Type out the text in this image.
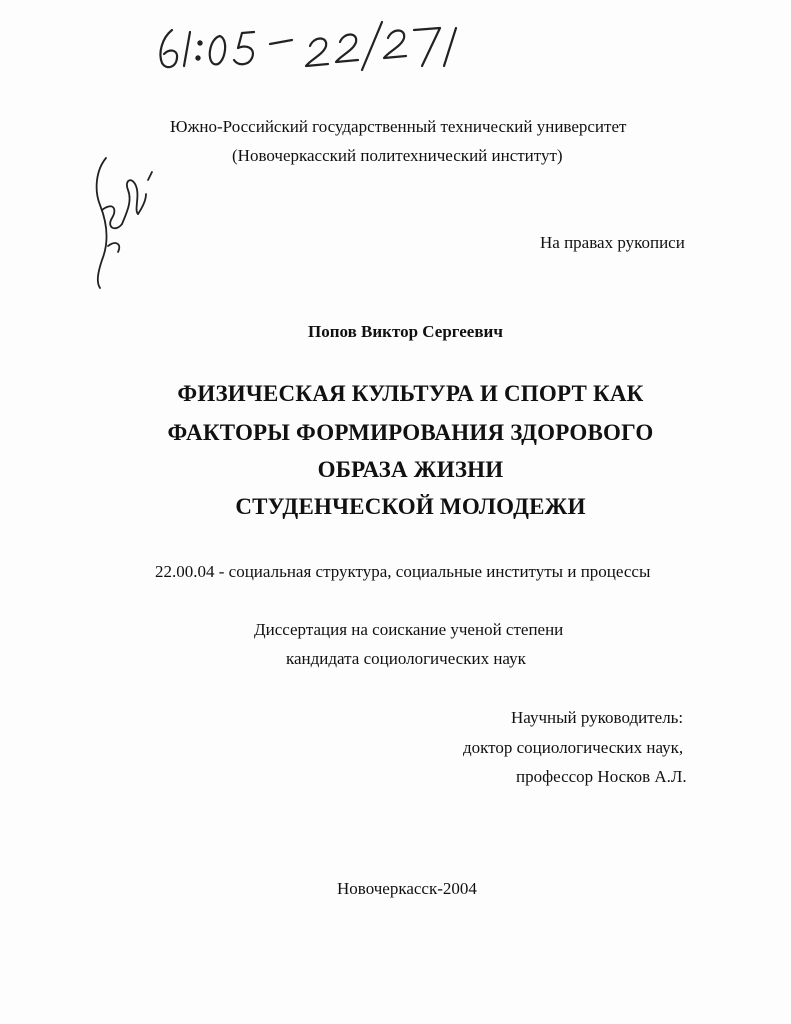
Южно-Российский государственный технический университет
(Новочеркасский политехнический институт)
На правах рукописи
Попов Виктор Сергеевич
ФИЗИЧЕСКАЯ КУЛЬТУРА И СПОРТ КАК
ФАКТОРЫ ФОРМИРОВАНИЯ ЗДОРОВОГО
ОБРАЗА ЖИЗНИ
СТУДЕНЧЕСКОЙ МОЛОДЕЖИ
22.00.04 - социальная структура, социальные институты и процессы
Диссертация на соискание ученой степени
кандидата социологических наук
Научный руководитель:
доктор социологических наук,
профессор Носков А.Л.
Новочеркасск-2004
